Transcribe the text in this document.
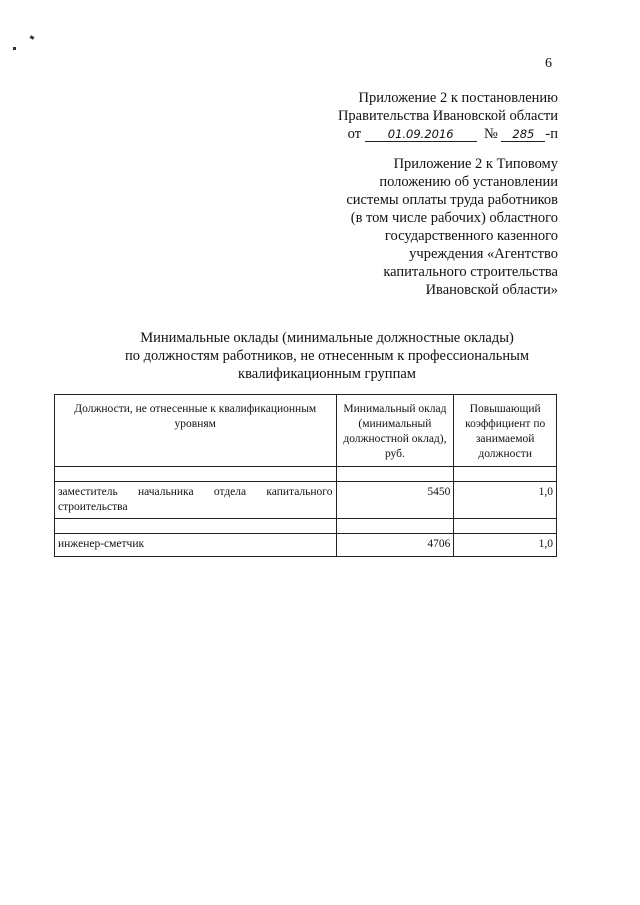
6
Приложение 2 к постановлению
Правительства Ивановской области
от 01.09.2016 № 285 -п
Приложение 2 к Типовому
положению об установлении
системы оплаты труда работников
(в том числе рабочих) областного
государственного казенного
учреждения «Агентство
капитального строительства
Ивановской области»
Минимальные оклады (минимальные должностные оклады)
по должностям работников, не отнесенным к профессиональным
квалификационным группам
Должности, не отнесенные к квалификационным уровням	Минимальный оклад (минимальный должностной оклад), руб.	Повышающий коэффициент по занимаемой должности

заместитель начальника отдела капитального строительства	5450	1,0

инженер-сметчик	4706	1,0
